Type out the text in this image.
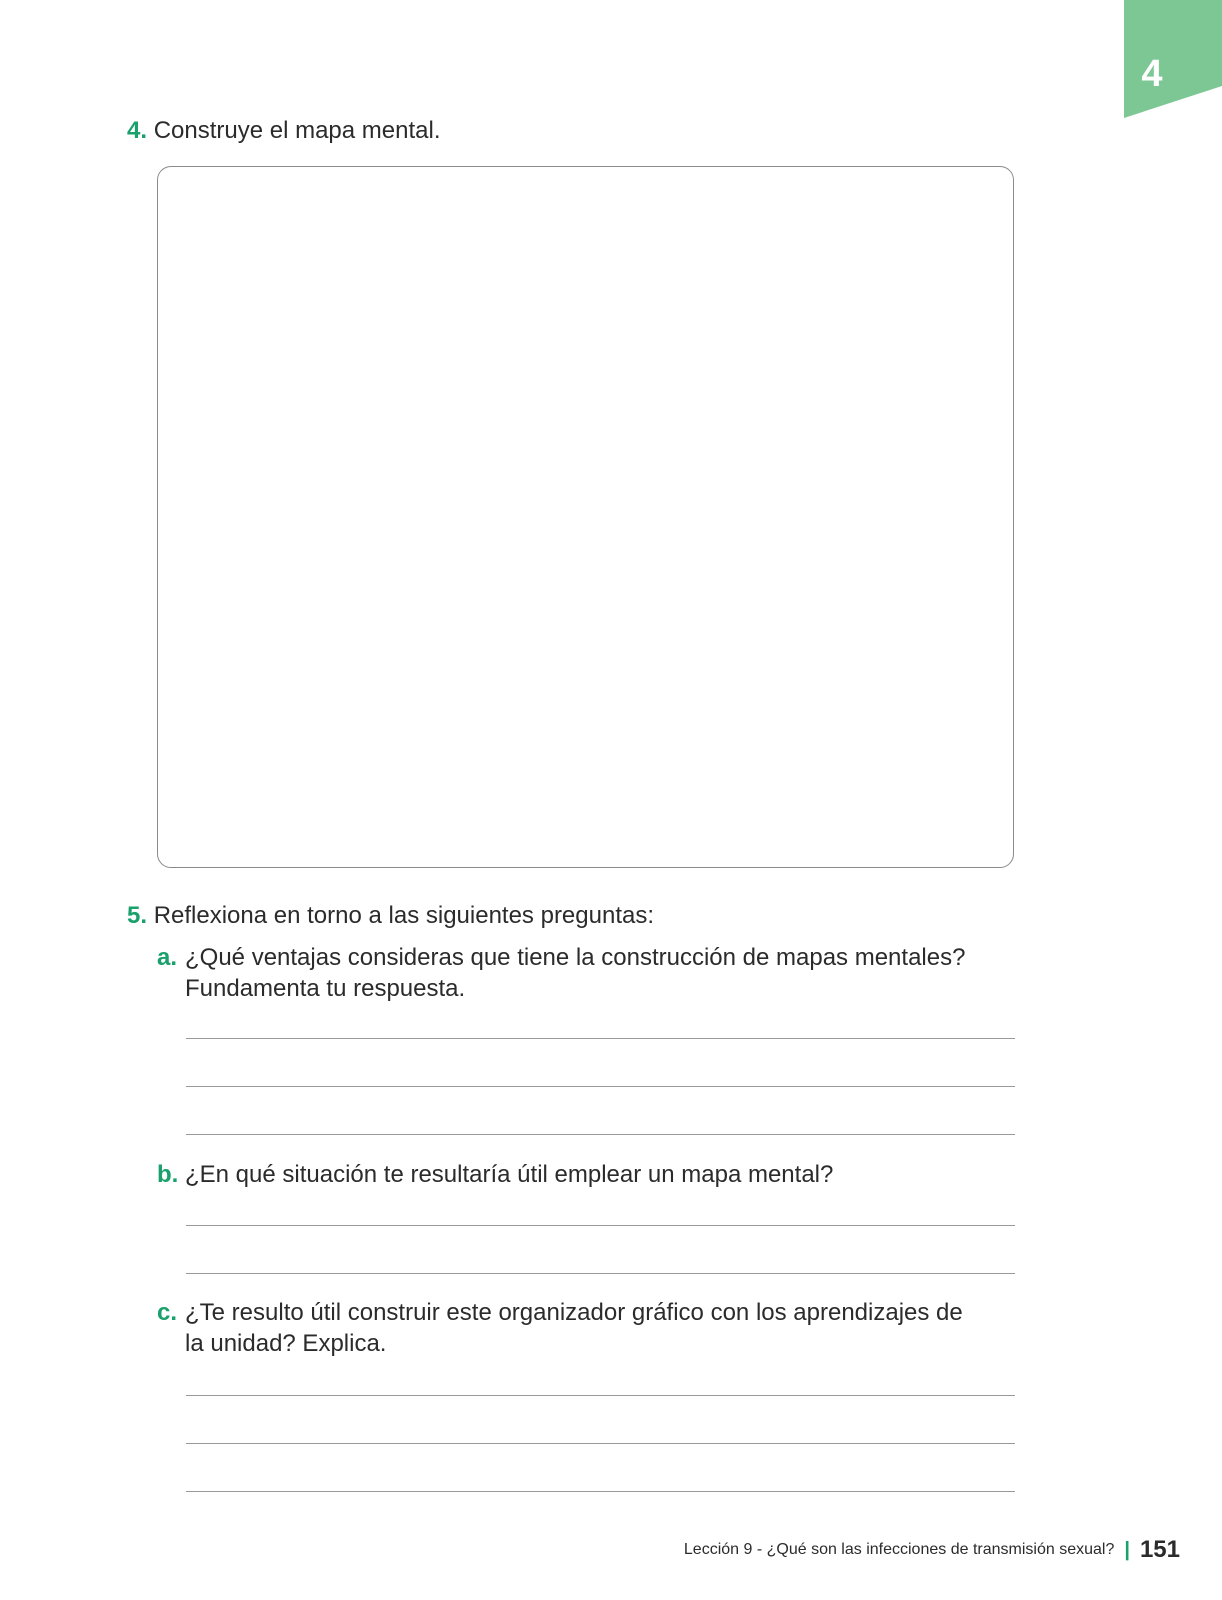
4
4. Construye el mapa mental.
5. Reflexiona en torno a las siguientes preguntas:
a. ¿Qué ventajas consideras que tiene la construcción de mapas mentales? Fundamenta tu respuesta.
b. ¿En qué situación te resultaría útil emplear un mapa mental?
c. ¿Te resulto útil construir este organizador gráfico con los aprendizajes de la unidad? Explica.
Lección 9 - ¿Qué son las infecciones de transmisión sexual? | 151
